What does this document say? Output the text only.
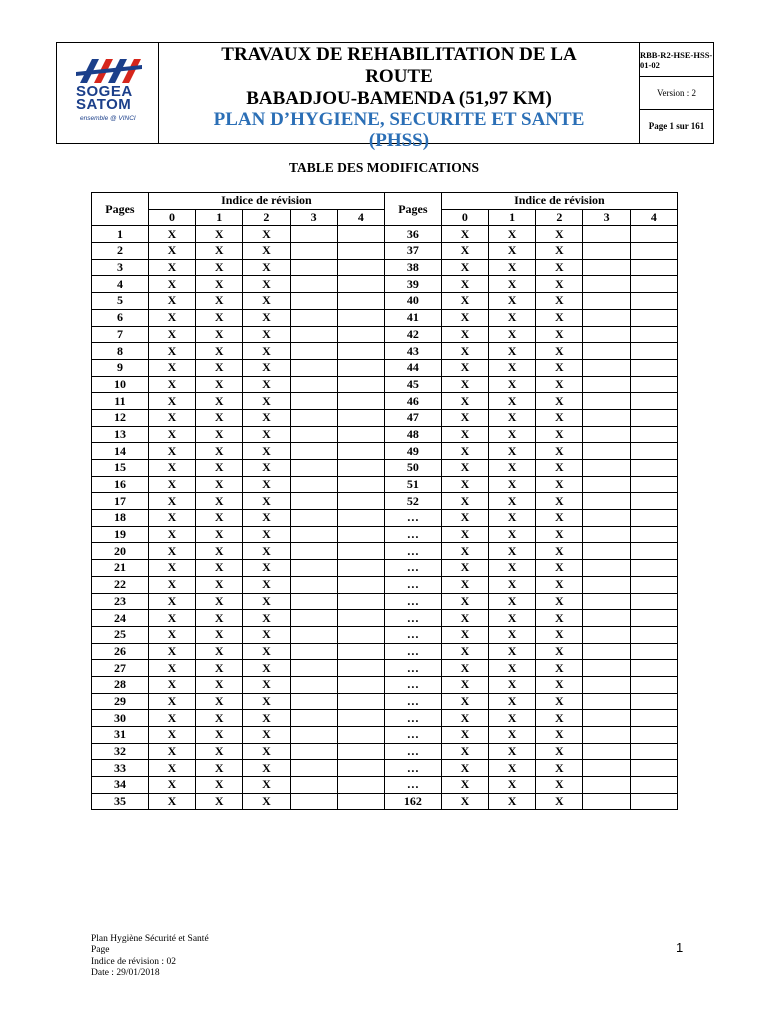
SOGEA
SATOM
ensemble @ VINCI
TRAVAUX DE REHABILITATION DE LA
ROUTE
BABADJOU-BAMENDA (51,97 KM)
PLAN D’HYGIENE, SECURITE ET SANTE
(PHSS)
RBB-R2-HSE-HSS-01-02
Version : 2
Page 1 sur 161
TABLE DES MODIFICATIONS
Pages	Indice de révision					Pages	Indice de révision				
	0	1	2	3	4		0	1	2	3	4
1	X	X	X			36	X	X	X		
2	X	X	X			37	X	X	X		
3	X	X	X			38	X	X	X		
4	X	X	X			39	X	X	X		
5	X	X	X			40	X	X	X		
6	X	X	X			41	X	X	X		
7	X	X	X			42	X	X	X		
8	X	X	X			43	X	X	X		
9	X	X	X			44	X	X	X		
10	X	X	X			45	X	X	X		
11	X	X	X			46	X	X	X		
12	X	X	X			47	X	X	X		
13	X	X	X			48	X	X	X		
14	X	X	X			49	X	X	X		
15	X	X	X			50	X	X	X		
16	X	X	X			51	X	X	X		
17	X	X	X			52	X	X	X		
18	X	X	X			…	X	X	X		
19	X	X	X			…	X	X	X		
20	X	X	X			…	X	X	X		
21	X	X	X			…	X	X	X		
22	X	X	X			…	X	X	X		
23	X	X	X			…	X	X	X		
24	X	X	X			…	X	X	X		
25	X	X	X			…	X	X	X		
26	X	X	X			…	X	X	X		
27	X	X	X			…	X	X	X		
28	X	X	X			…	X	X	X		
29	X	X	X			…	X	X	X		
30	X	X	X			…	X	X	X		
31	X	X	X			…	X	X	X		
32	X	X	X			…	X	X	X		
33	X	X	X			…	X	X	X		
34	X	X	X			…	X	X	X		
35	X	X	X			162	X	X	X		
Plan Hygiène Sécurité et Santé
Page
Indice de révision : 02
Date : 29/01/2018
1
